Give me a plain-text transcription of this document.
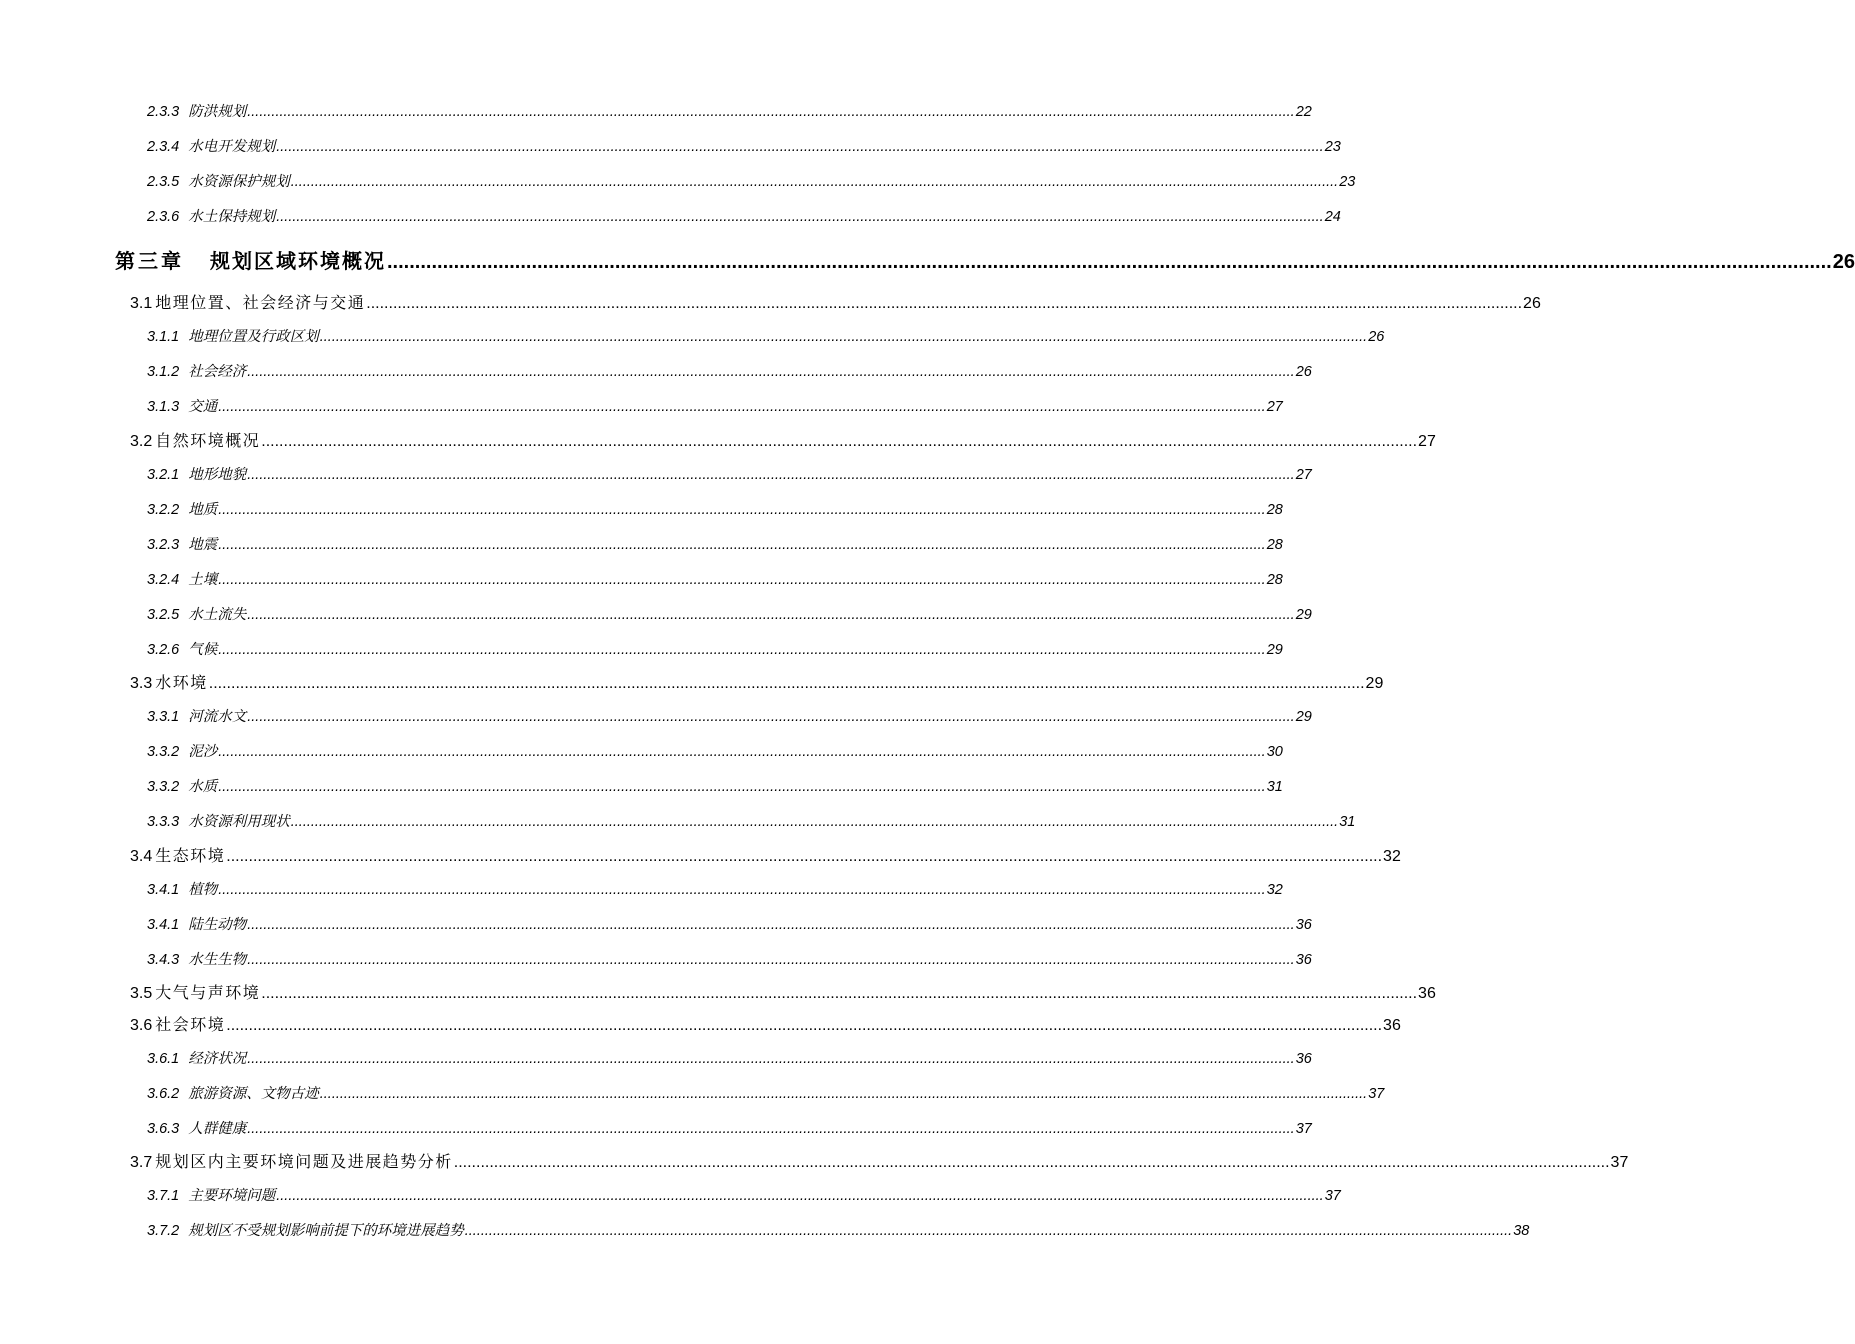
2.3.3 防洪规划 .................................................................................................................................................................................................................................................................... 22
2.3.4 水电开发规划 .................................................................................................................................................................................................................................................................... 23
2.3.5 水资源保护规划 .................................................................................................................................................................................................................................................................... 23
2.3.6 水土保持规划 .................................................................................................................................................................................................................................................................... 24
第三章 规划区域环境概况 .................................................................................................................................................................................................................................................................... 26
3.1 地理位置、社会经济与交通 .................................................................................................................................................................................................................................................................... 26
3.1.1 地理位置及行政区划 .................................................................................................................................................................................................................................................................... 26
3.1.2 社会经济 .................................................................................................................................................................................................................................................................... 26
3.1.3 交通 .................................................................................................................................................................................................................................................................... 27
3.2 自然环境概况 .................................................................................................................................................................................................................................................................... 27
3.2.1 地形地貌 .................................................................................................................................................................................................................................................................... 27
3.2.2 地质 .................................................................................................................................................................................................................................................................... 28
3.2.3 地震 .................................................................................................................................................................................................................................................................... 28
3.2.4 土壤 .................................................................................................................................................................................................................................................................... 28
3.2.5 水土流失 .................................................................................................................................................................................................................................................................... 29
3.2.6 气候 .................................................................................................................................................................................................................................................................... 29
3.3 水环境 .................................................................................................................................................................................................................................................................... 29
3.3.1 河流水文 .................................................................................................................................................................................................................................................................... 29
3.3.2 泥沙 .................................................................................................................................................................................................................................................................... 30
3.3.2 水质 .................................................................................................................................................................................................................................................................... 31
3.3.3 水资源利用现状 .................................................................................................................................................................................................................................................................... 31
3.4 生态环境 .................................................................................................................................................................................................................................................................... 32
3.4.1 植物 .................................................................................................................................................................................................................................................................... 32
3.4.1 陆生动物 .................................................................................................................................................................................................................................................................... 36
3.4.3 水生生物 .................................................................................................................................................................................................................................................................... 36
3.5 大气与声环境 .................................................................................................................................................................................................................................................................... 36
3.6 社会环境 .................................................................................................................................................................................................................................................................... 36
3.6.1 经济状况 .................................................................................................................................................................................................................................................................... 36
3.6.2 旅游资源、文物古迹 .................................................................................................................................................................................................................................................................... 37
3.6.3 人群健康 .................................................................................................................................................................................................................................................................... 37
3.7 规划区内主要环境问题及进展趋势分析 .................................................................................................................................................................................................................................................................... 37
3.7.1 主要环境问题 .................................................................................................................................................................................................................................................................... 37
3.7.2 规划区不受规划影响前提下的环境进展趋势 .................................................................................................................................................................................................................................................................... 38
